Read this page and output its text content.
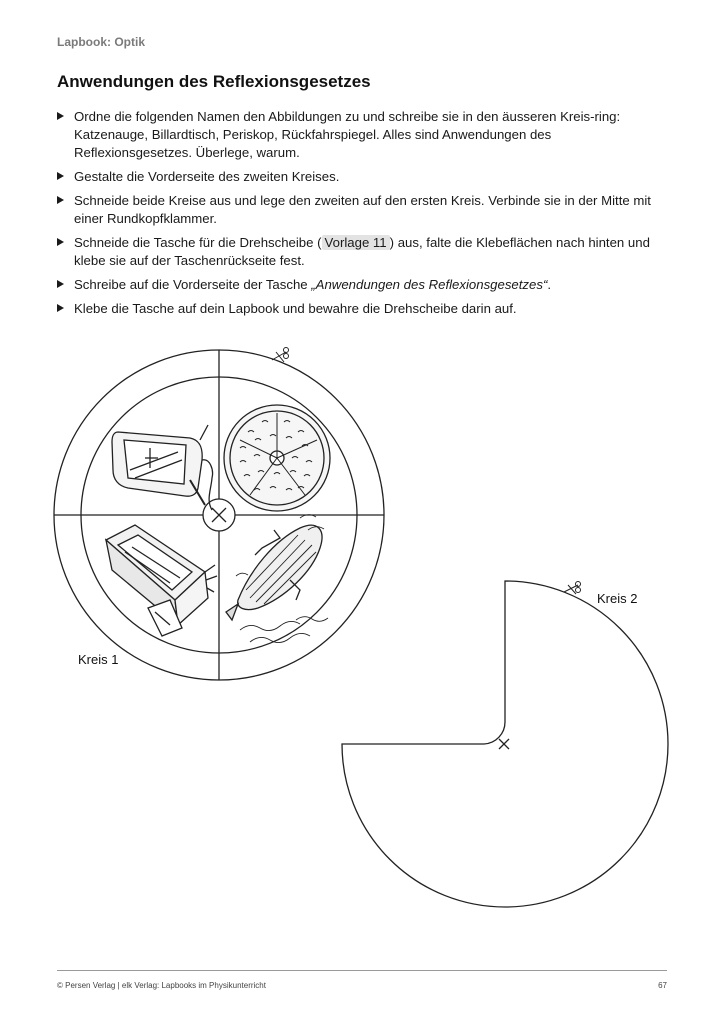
Lapbook: Optik
Anwendungen des Reflexionsgesetzes
Ordne die folgenden Namen den Abbildungen zu und schreibe sie in den äusseren Kreis-ring: Katzenauge, Billardtisch, Periskop, Rückfahrspiegel. Alles sind Anwendungen des Reflexionsgesetzes. Überlege, warum.
Gestalte die Vorderseite des zweiten Kreises.
Schneide beide Kreise aus und lege den zweiten auf den ersten Kreis. Verbinde sie in der Mitte mit einer Rundkopfklammer.
Schneide die Tasche für die Drehscheibe ( Vorlage 11 ) aus, falte die Klebeflächen nach hinten und klebe sie auf der Taschenrückseite fest.
Schreibe auf die Vorderseite der Tasche „Anwendungen des Reflexionsgesetzes“.
Klebe die Tasche auf dein Lapbook und bewahre die Drehscheibe darin auf.
Kreis 1
Kreis 2
© Persen Verlag | elk Verlag: Lapbooks im Physikunterricht	67
